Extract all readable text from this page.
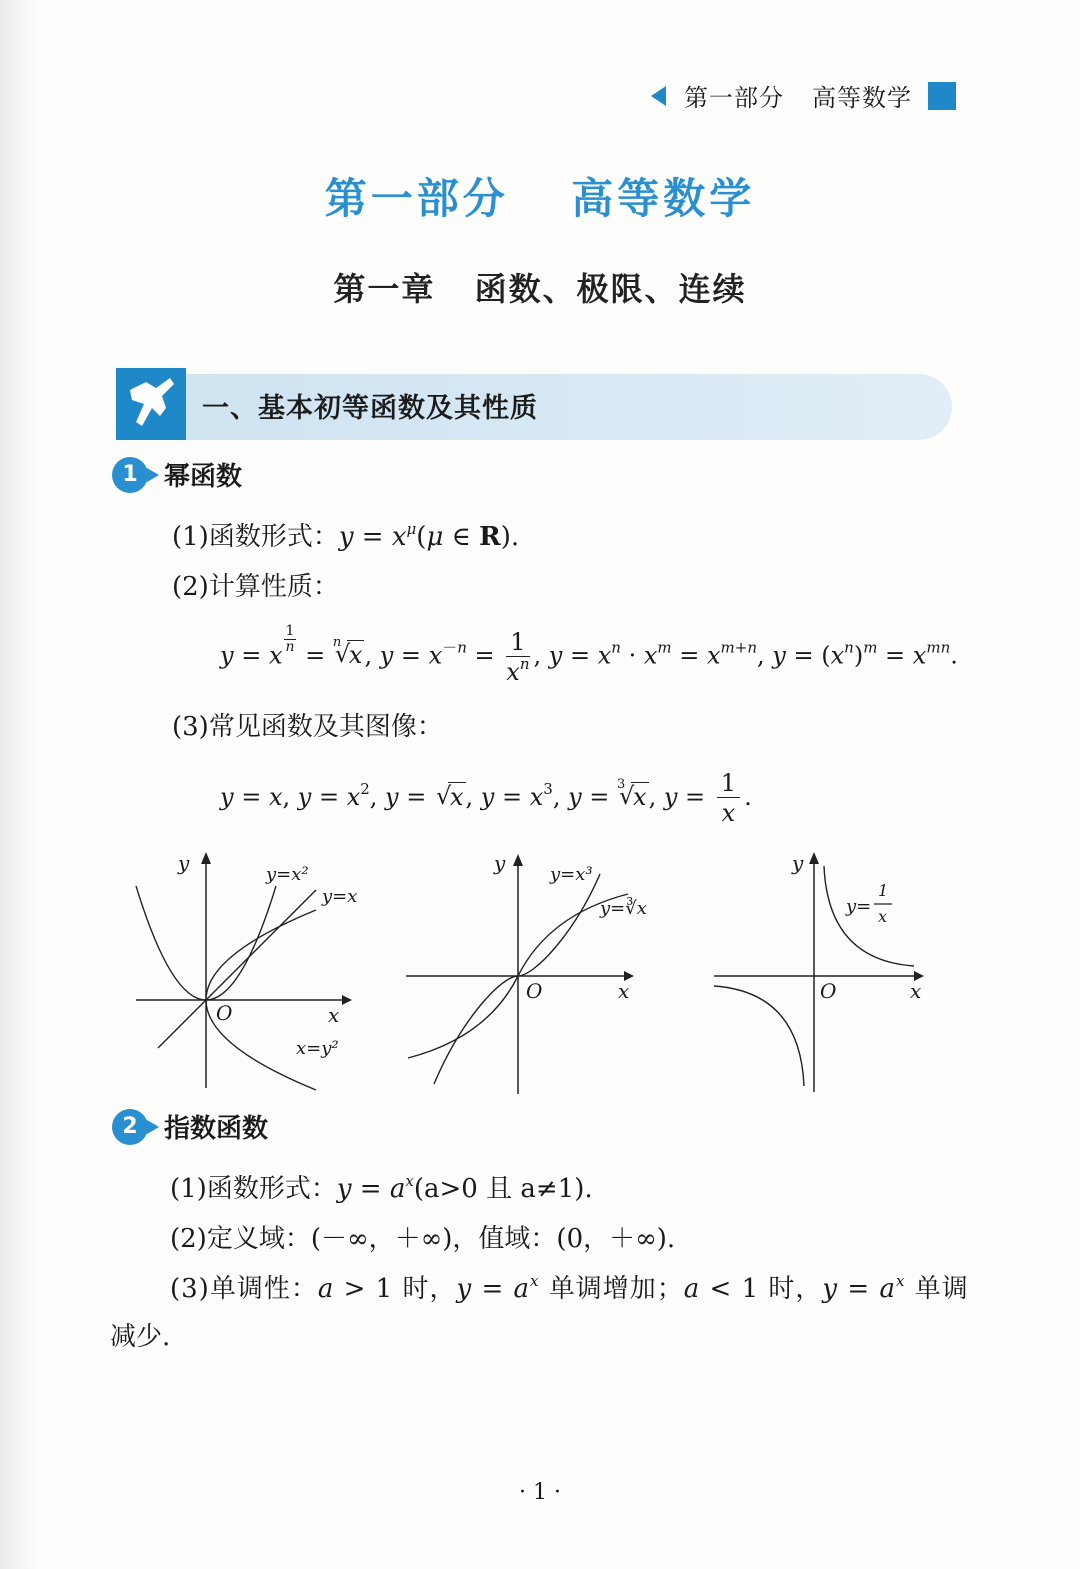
第一部分 高等数学
第一部分 高等数学
第一章 函数、极限、连续
一、基本初等函数及其性质
1	幂函数
(1)函数形式：$y = x^\mu(\mu$ ∈ R).
(2)计算性质：
y = x $\frac{1}{n}$ = √ n x, $y = x^{-n} = \frac{1}{x^n}$ , $y = x^n \cdot x^m = x^{m+n}$, $y = (x^n)^m = x^{mn}$.
(3)常见函数及其图像：
y = x, $y = x^2$, y = √ x, $y = x^3$, y = √ 3 x, $y = \frac{1}{x}$ .
y
x
O
y=x²
y=x
x=y²
y
x
O
y=x³
y=∛x
y
x
O
y=
1
x
2	指数函数
(1)函数形式：$y = a^x(a>0$ 且 a≠1).
(2)定义域：(－∞，＋∞)，值域：(0，＋∞).
(3)单调性：a > 1 时，$y = a^x$ 单调增加；a < 1 时，$y = a^x$ 单调
减少.
· 1 ·
